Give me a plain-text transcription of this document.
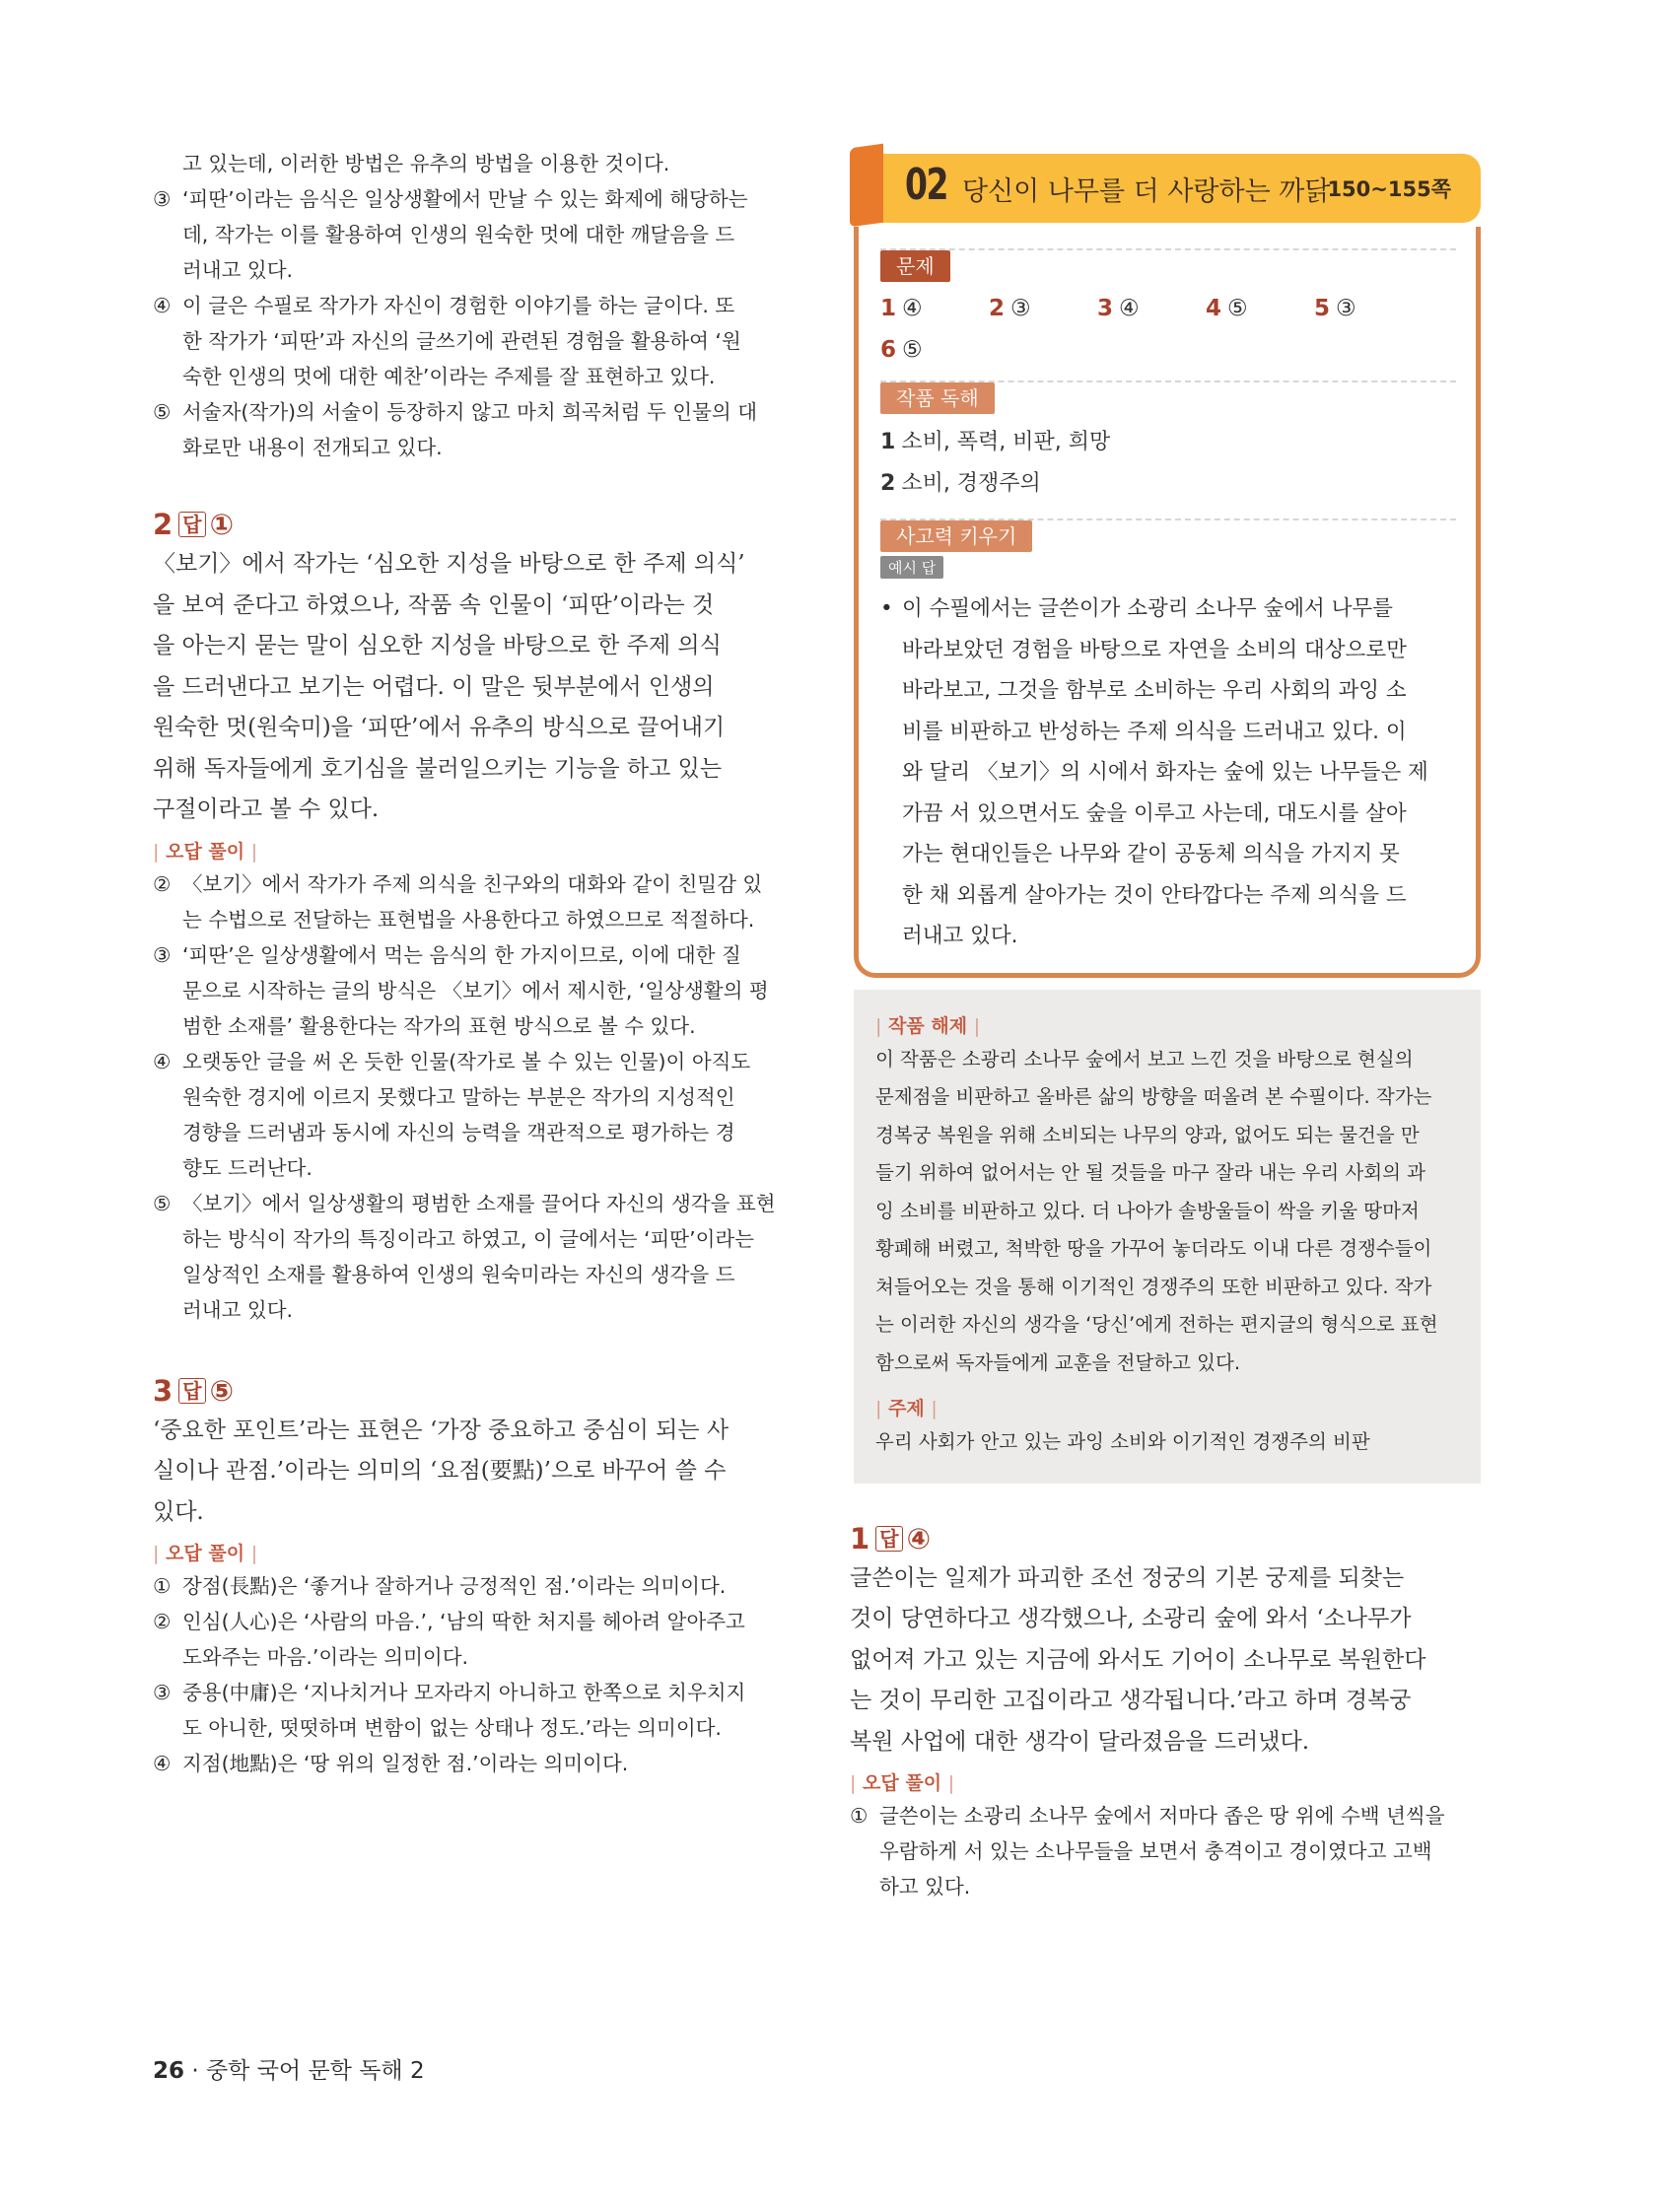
고 있는데, 이러한 방법은 유추의 방법을 이용한 것이다.
③ ‘피딴’이라는 음식은 일상생활에서 만날 수 있는 화제에 해당하는
데, 작가는 이를 활용하여 인생의 원숙한 멋에 대한 깨달음을 드
러내고 있다.
④ 이 글은 수필로 작가가 자신이 경험한 이야기를 하는 글이다. 또
한 작가가 ‘피딴’과 자신의 글쓰기에 관련된 경험을 활용하여 ‘원
숙한 인생의 멋에 대한 예찬’이라는 주제를 잘 표현하고 있다.
⑤ 서술자(작가)의 서술이 등장하지 않고 마치 희곡처럼 두 인물의 대
화로만 내용이 전개되고 있다.
2 답 ①
〈보기〉에서 작가는 ‘심오한 지성을 바탕으로 한 주제 의식’
을 보여 준다고 하였으나, 작품 속 인물이 ‘피딴’이라는 것
을 아는지 묻는 말이 심오한 지성을 바탕으로 한 주제 의식
을 드러낸다고 보기는 어렵다. 이 말은 뒷부분에서 인생의
원숙한 멋(원숙미)을 ‘피딴’에서 유추의 방식으로 끌어내기
위해 독자들에게 호기심을 불러일으키는 기능을 하고 있는
구절이라고 볼 수 있다.
| 오답 풀이 |
② 〈보기〉에서 작가가 주제 의식을 친구와의 대화와 같이 친밀감 있
는 수법으로 전달하는 표현법을 사용한다고 하였으므로 적절하다.
③ ‘피딴’은 일상생활에서 먹는 음식의 한 가지이므로, 이에 대한 질
문으로 시작하는 글의 방식은 〈보기〉에서 제시한, ‘일상생활의 평
범한 소재를’ 활용한다는 작가의 표현 방식으로 볼 수 있다.
④ 오랫동안 글을 써 온 듯한 인물(작가로 볼 수 있는 인물)이 아직도
원숙한 경지에 이르지 못했다고 말하는 부분은 작가의 지성적인
경향을 드러냄과 동시에 자신의 능력을 객관적으로 평가하는 경
향도 드러난다.
⑤ 〈보기〉에서 일상생활의 평범한 소재를 끌어다 자신의 생각을 표현
하는 방식이 작가의 특징이라고 하였고, 이 글에서는 ‘피딴’이라는
일상적인 소재를 활용하여 인생의 원숙미라는 자신의 생각을 드
러내고 있다.
3 답 ⑤
‘중요한 포인트’라는 표현은 ‘가장 중요하고 중심이 되는 사
실이나 관점.’이라는 의미의 ‘요점(要點)’으로 바꾸어 쓸 수
있다.
| 오답 풀이 |
① 장점(長點)은 ‘좋거나 잘하거나 긍정적인 점.’이라는 의미이다.
② 인심(人心)은 ‘사람의 마음.’, ‘남의 딱한 처지를 헤아려 알아주고
도와주는 마음.’이라는 의미이다.
③ 중용(中庸)은 ‘지나치거나 모자라지 아니하고 한쪽으로 치우치지
도 아니한, 떳떳하며 변함이 없는 상태나 정도.’라는 의미이다.
④ 지점(地點)은 ‘땅 위의 일정한 점.’이라는 의미이다.
02 당신이 나무를 더 사랑하는 까닭
150~155쪽
문제
1 ④	2 ③	3 ④	4 ⑤	5 ③
6 ⑤
작품 독해
1 소비, 폭력, 비판, 희망
2 소비, 경쟁주의
사고력 키우기
예시 답
• 이 수필에서는 글쓴이가 소광리 소나무 숲에서 나무를
바라보았던 경험을 바탕으로 자연을 소비의 대상으로만
바라보고, 그것을 함부로 소비하는 우리 사회의 과잉 소
비를 비판하고 반성하는 주제 의식을 드러내고 있다. 이
와 달리 〈보기〉의 시에서 화자는 숲에 있는 나무들은 제
가끔 서 있으면서도 숲을 이루고 사는데, 대도시를 살아
가는 현대인들은 나무와 같이 공동체 의식을 가지지 못
한 채 외롭게 살아가는 것이 안타깝다는 주제 의식을 드
러내고 있다.
| 작품 해제 |
이 작품은 소광리 소나무 숲에서 보고 느낀 것을 바탕으로 현실의
문제점을 비판하고 올바른 삶의 방향을 떠올려 본 수필이다. 작가는
경복궁 복원을 위해 소비되는 나무의 양과, 없어도 되는 물건을 만
들기 위하여 없어서는 안 될 것들을 마구 잘라 내는 우리 사회의 과
잉 소비를 비판하고 있다. 더 나아가 솔방울들이 싹을 키울 땅마저
황폐해 버렸고, 척박한 땅을 가꾸어 놓더라도 이내 다른 경쟁수들이
쳐들어오는 것을 통해 이기적인 경쟁주의 또한 비판하고 있다. 작가
는 이러한 자신의 생각을 ‘당신’에게 전하는 편지글의 형식으로 표현
함으로써 독자들에게 교훈을 전달하고 있다.
| 주제 |
우리 사회가 안고 있는 과잉 소비와 이기적인 경쟁주의 비판
1 답 ④
글쓴이는 일제가 파괴한 조선 정궁의 기본 궁제를 되찾는
것이 당연하다고 생각했으나, 소광리 숲에 와서 ‘소나무가
없어져 가고 있는 지금에 와서도 기어이 소나무로 복원한다
는 것이 무리한 고집이라고 생각됩니다.’라고 하며 경복궁
복원 사업에 대한 생각이 달라졌음을 드러냈다.
| 오답 풀이 |
① 글쓴이는 소광리 소나무 숲에서 저마다 좁은 땅 위에 수백 년씩을
우람하게 서 있는 소나무들을 보면서 충격이고 경이였다고 고백
하고 있다.
26 · 중학 국어 문학 독해 2
